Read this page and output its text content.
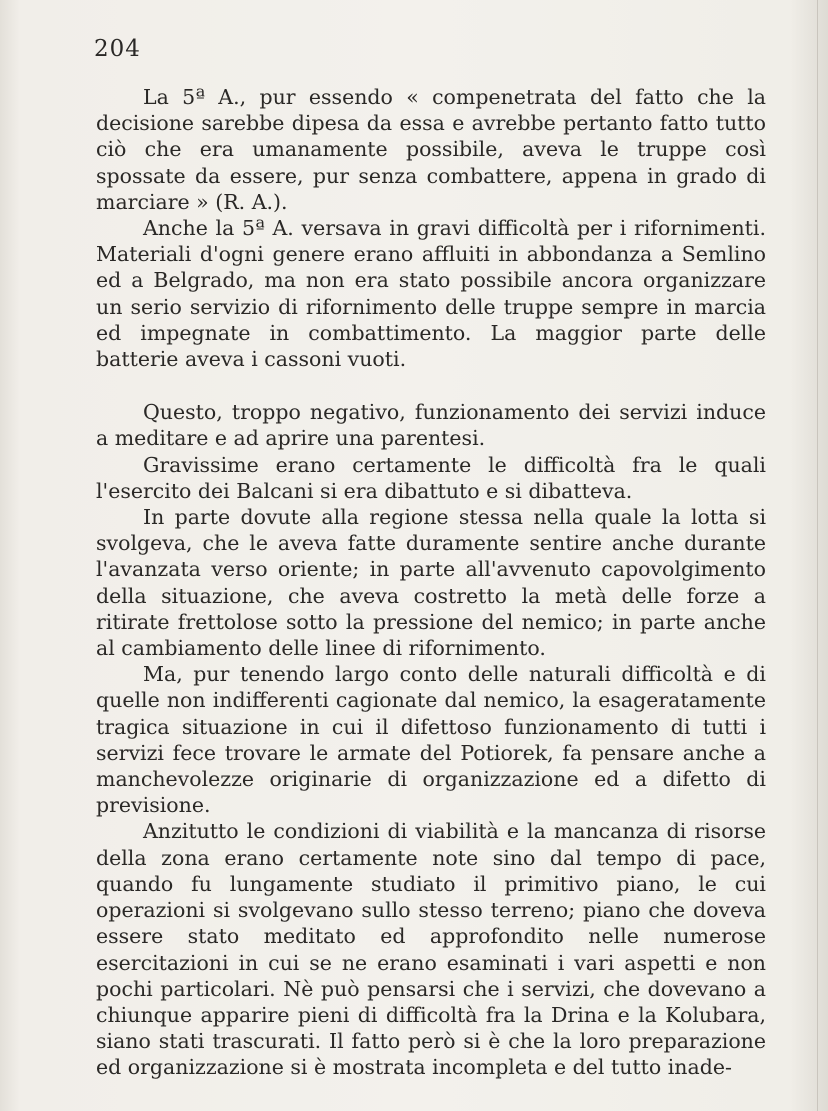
204

La 5ª A., pur essendo « compenetrata del fatto che la decisione sarebbe dipesa da essa e avrebbe pertanto fatto tutto ciò che era umanamente possibile, aveva le truppe così spossate da essere, pur senza combattere, appena in grado di marciare » (R. A.).

Anche la 5ª A. versava in gravi difficoltà per i rifornimenti. Materiali d'ogni genere erano affluiti in abbondanza a Semlino ed a Belgrado, ma non era stato possibile ancora organizzare un serio servizio di rifornimento delle truppe sempre in marcia ed impegnate in combattimento. La maggior parte delle batterie aveva i cassoni vuoti.

Questo, troppo negativo, funzionamento dei servizi induce a meditare e ad aprire una parentesi.

Gravissime erano certamente le difficoltà fra le quali l'esercito dei Balcani si era dibattuto e si dibatteva.

In parte dovute alla regione stessa nella quale la lotta si svolgeva, che le aveva fatte duramente sentire anche durante l'avanzata verso oriente; in parte all'avvenuto capovolgimento della situazione, che aveva costretto la metà delle forze a ritirate frettolose sotto la pressione del nemico; in parte anche al cambiamento delle linee di rifornimento.

Ma, pur tenendo largo conto delle naturali difficoltà e di quelle non indifferenti cagionate dal nemico, la esageratamente tragica situazione in cui il difettoso funzionamento di tutti i servizi fece trovare le armate del Potiorek, fa pensare anche a manchevolezze originarie di organizzazione ed a difetto di previsione.

Anzitutto le condizioni di viabilità e la mancanza di risorse della zona erano certamente note sino dal tempo di pace, quando fu lungamente studiato il primitivo piano, le cui operazioni si svolgevano sullo stesso terreno; piano che doveva essere stato meditato ed approfondito nelle numerose esercitazioni in cui se ne erano esaminati i vari aspetti e non pochi particolari. Nè può pensarsi che i servizi, che dovevano a chiunque apparire pieni di difficoltà fra la Drina e la Kolubara, siano stati trascurati. Il fatto però si è che la loro preparazione ed organizzazione si è mostrata incompleta e del tutto inade-
